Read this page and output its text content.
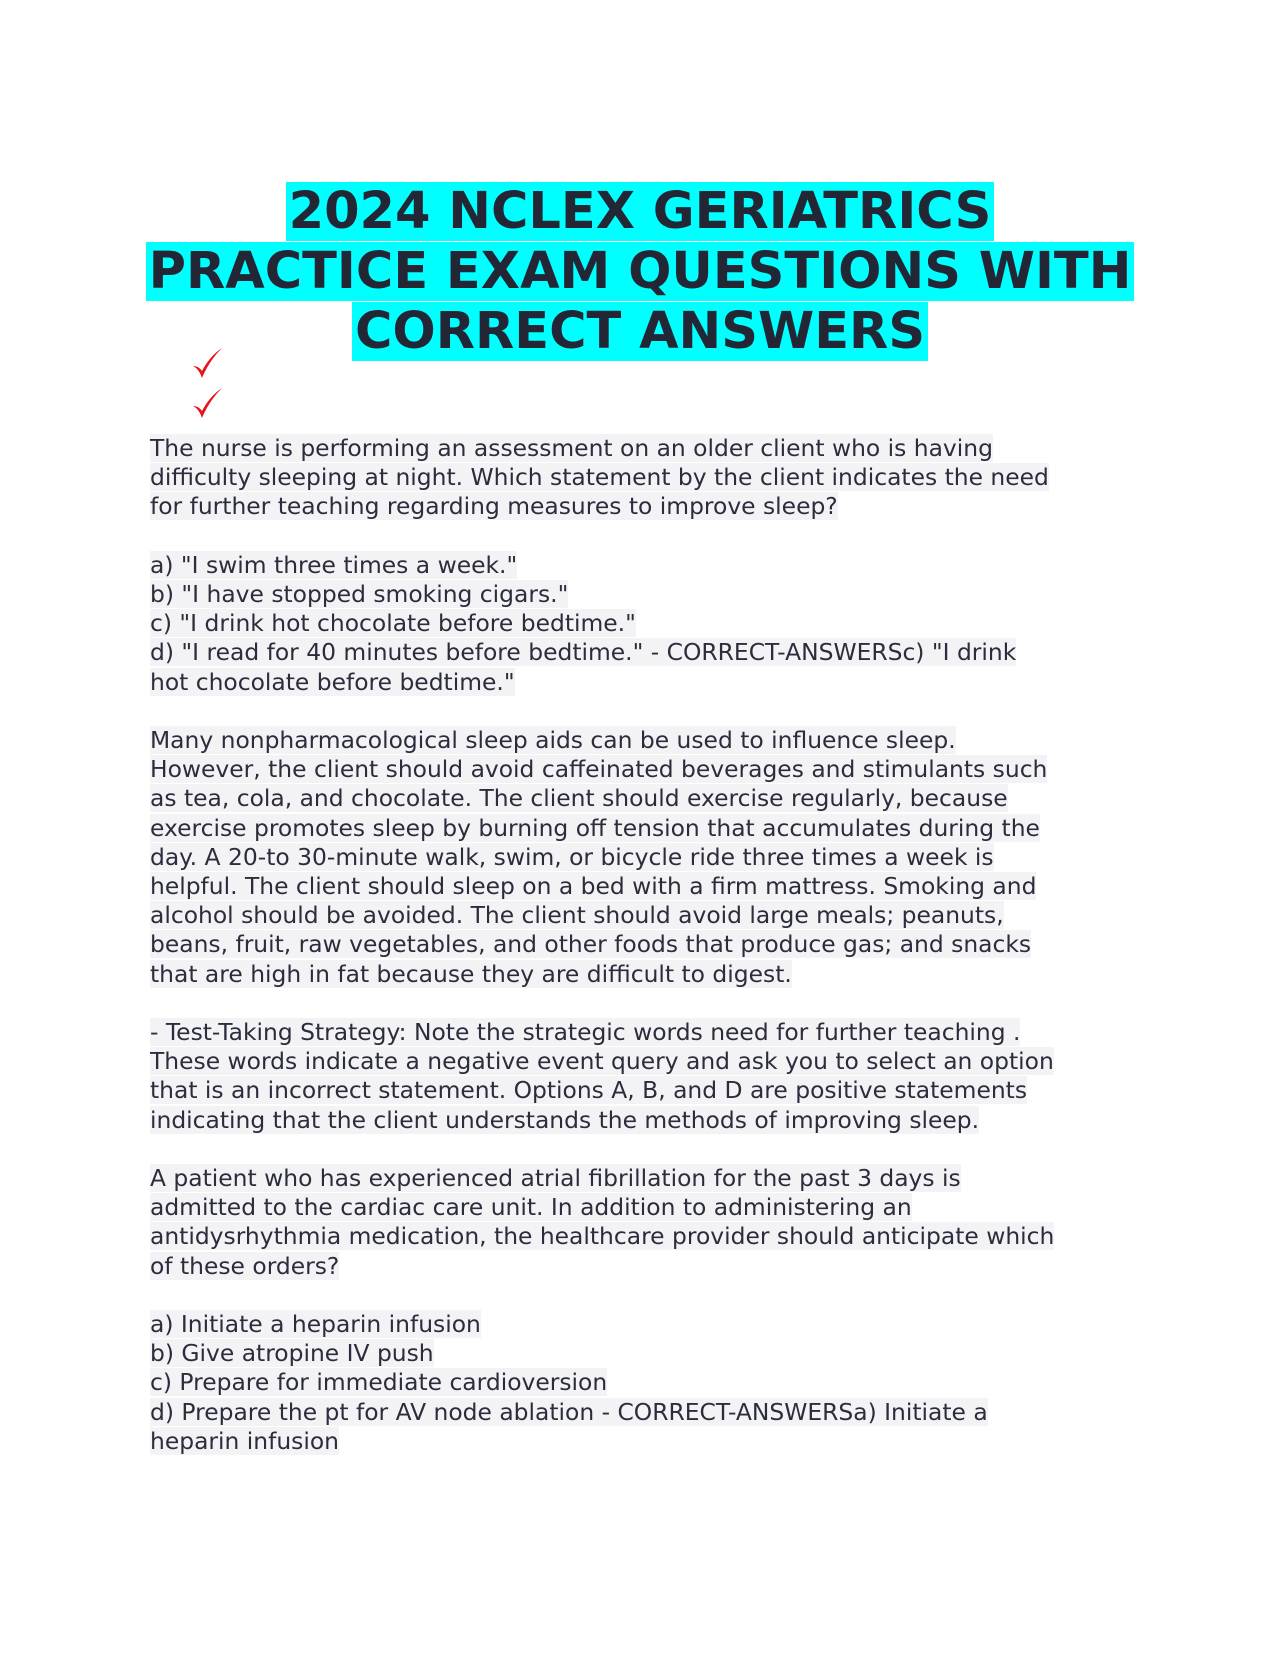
2024 NCLEX GERIATRICS
PRACTICE EXAM QUESTIONS WITH
CORRECT ANSWERS
The nurse is performing an assessment on an older client who is having
difficulty sleeping at night. Which statement by the client indicates the need
for further teaching regarding measures to improve sleep?
a) "I swim three times a week."
b) "I have stopped smoking cigars."
c) "I drink hot chocolate before bedtime."
d) "I read for 40 minutes before bedtime." - CORRECT-ANSWERSc) "I drink
hot chocolate before bedtime."
Many nonpharmacological sleep aids can be used to influence sleep.
However, the client should avoid caffeinated beverages and stimulants such
as tea, cola, and chocolate. The client should exercise regularly, because
exercise promotes sleep by burning off tension that accumulates during the
day. A 20-to 30-minute walk, swim, or bicycle ride three times a week is
helpful. The client should sleep on a bed with a firm mattress. Smoking and
alcohol should be avoided. The client should avoid large meals; peanuts,
beans, fruit, raw vegetables, and other foods that produce gas; and snacks
that are high in fat because they are difficult to digest.
- Test-Taking Strategy: Note the strategic words need for further teaching .
These words indicate a negative event query and ask you to select an option
that is an incorrect statement. Options A, B, and D are positive statements
indicating that the client understands the methods of improving sleep.
A patient who has experienced atrial fibrillation for the past 3 days is
admitted to the cardiac care unit. In addition to administering an
antidysrhythmia medication, the healthcare provider should anticipate which
of these orders?
a) Initiate a heparin infusion
b) Give atropine IV push
c) Prepare for immediate cardioversion
d) Prepare the pt for AV node ablation - CORRECT-ANSWERSa) Initiate a
heparin infusion
